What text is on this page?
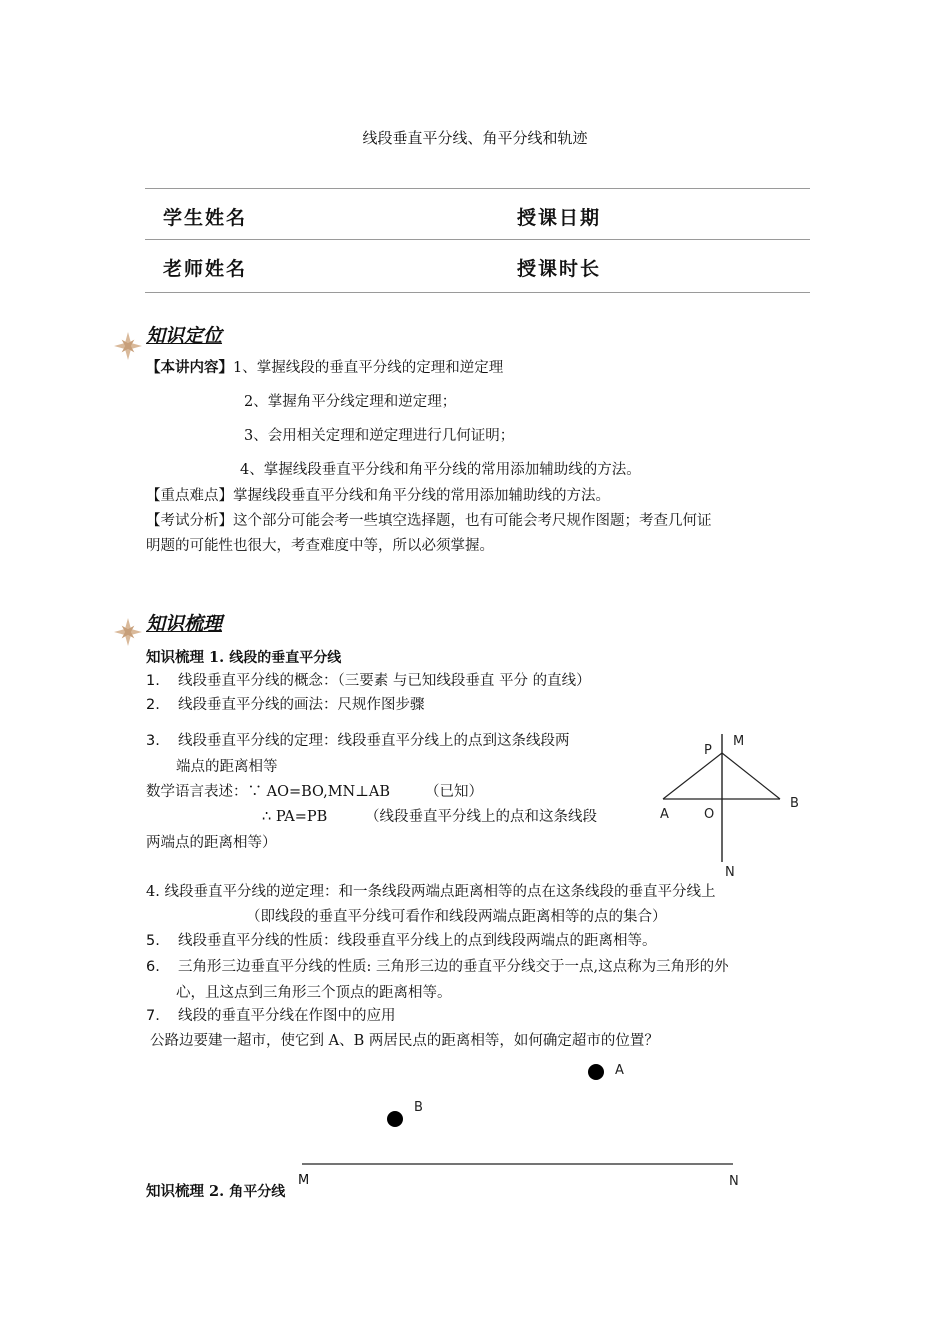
线段垂直平分线、角平分线和轨迹
学生姓名	授课日期
老师姓名	授课时长
知识定位
【本讲内容】1、掌握线段的垂直平分线的定理和逆定理
2、掌握角平分线定理和逆定理；
3、会用相关定理和逆定理进行几何证明；
4、掌握线段垂直平分线和角平分线的常用添加辅助线的方法。
【重点难点】掌握线段垂直平分线和角平分线的常用添加辅助线的方法。
【考试分析】这个部分可能会考一些填空选择题，也有可能会考尺规作图题；考查几何证
明题的可能性也很大，考查难度中等，所以必须掌握。
知识梳理
知识梳理 1. 线段的垂直平分线
1. 线段垂直平分线的概念：（三要素 与已知线段垂直 平分 的直线）
2. 线段垂直平分线的画法：尺规作图步骤
3. 线段垂直平分线的定理：线段垂直平分线上的点到这条线段两
端点的距离相等
数学语言表述：∵ AO=BO,MN⊥AB （已知）
∴ PA=PB	（线段垂直平分线上的点和这条线段
两端点的距离相等）
P
M
A	O
B
N
4. 线段垂直平分线的逆定理：和一条线段两端点距离相等的点在这条线段的垂直平分线上
（即线段的垂直平分线可看作和线段两端点距离相等的点的集合）
5. 线段垂直平分线的性质：线段垂直平分线上的点到线段两端点的距离相等。
6. 三角形三边垂直平分线的性质: 三角形三边的垂直平分线交于一点,这点称为三角形的外
心，且这点到三角形三个顶点的距离相等。
7. 线段的垂直平分线在作图中的应用
公路边要建一超市，使它到 A、B 两居民点的距离相等，如何确定超市的位置？
A
B
N
知识梳理 2. 角平分线
M
